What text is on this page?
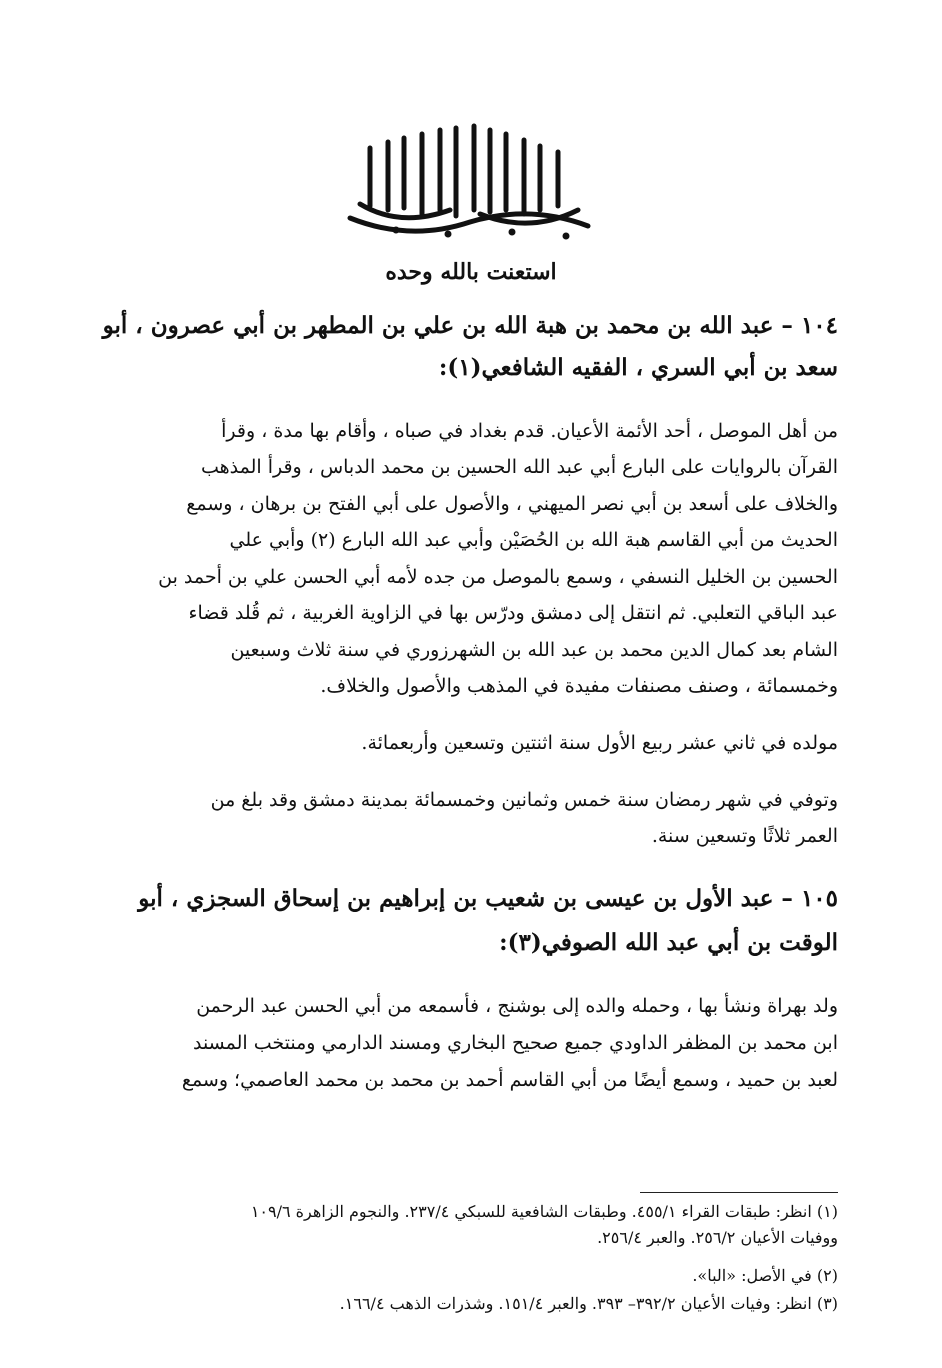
استعنت بالله وحده
١٠٤ – عبد الله بن محمد بن هبة الله بن علي بن المطهر بن أبي عصرون ، أبو
سعد بن أبي السري ، الفقيه الشافعي(١):
من أهل الموصل ، أحد الأئمة الأعيان. قدم بغداد في صباه ، وأقام بها مدة ، وقرأ
القرآن بالروايات على البارع أبي عبد الله الحسين بن محمد الدباس ، وقرأ المذهب
والخلاف على أسعد بن أبي نصر الميهني ، والأصول على أبي الفتح بن برهان ، وسمع
الحديث من أبي القاسم هبة الله بن الحُصَيْن وأبي عبد الله البارع (٢) وأبي علي
الحسين بن الخليل النسفي ، وسمع بالموصل من جده لأمه أبي الحسن علي بن أحمد بن
عبد الباقي التعلبي. ثم انتقل إلى دمشق ودرّس بها في الزاوية الغربية ، ثم قُلد قضاء
الشام بعد كمال الدين محمد بن عبد الله بن الشهرزوري في سنة ثلاث وسبعين
وخمسمائة ، وصنف مصنفات مفيدة في المذهب والأصول والخلاف.
مولده في ثاني عشر ربيع الأول سنة اثنتين وتسعين وأربعمائة.
وتوفي في شهر رمضان سنة خمس وثمانين وخمسمائة بمدينة دمشق وقد بلغ من
العمر ثلاثًا وتسعين سنة.
١٠٥ – عبد الأول بن عيسى بن شعيب بن إبراهيم بن إسحاق السجزي ، أبو
الوقت بن أبي عبد الله الصوفي(٣):
ولد بهراة ونشأ بها ، وحمله والده إلى بوشنج ، فأسمعه من أبي الحسن عبد الرحمن
ابن محمد بن المظفر الداودي جميع صحيح البخاري ومسند الدارمي ومنتخب المسند
لعبد بن حميد ، وسمع أيضًا من أبي القاسم أحمد بن محمد بن محمد العاصمي؛ وسمع
(١) انظر: طبقات القراء ٤٥٥/١. وطبقات الشافعية للسبكي ٢٣٧/٤. والنجوم الزاهرة ١٠٩/٦
ووفيات الأعيان ٢٥٦/٢. والعبر ٢٥٦/٤.
(٢) في الأصل: «البا».
(٣) انظر: وفيات الأعيان ٣٩٢/٢– ٣٩٣. والعبر ١٥١/٤. وشذرات الذهب ١٦٦/٤.
